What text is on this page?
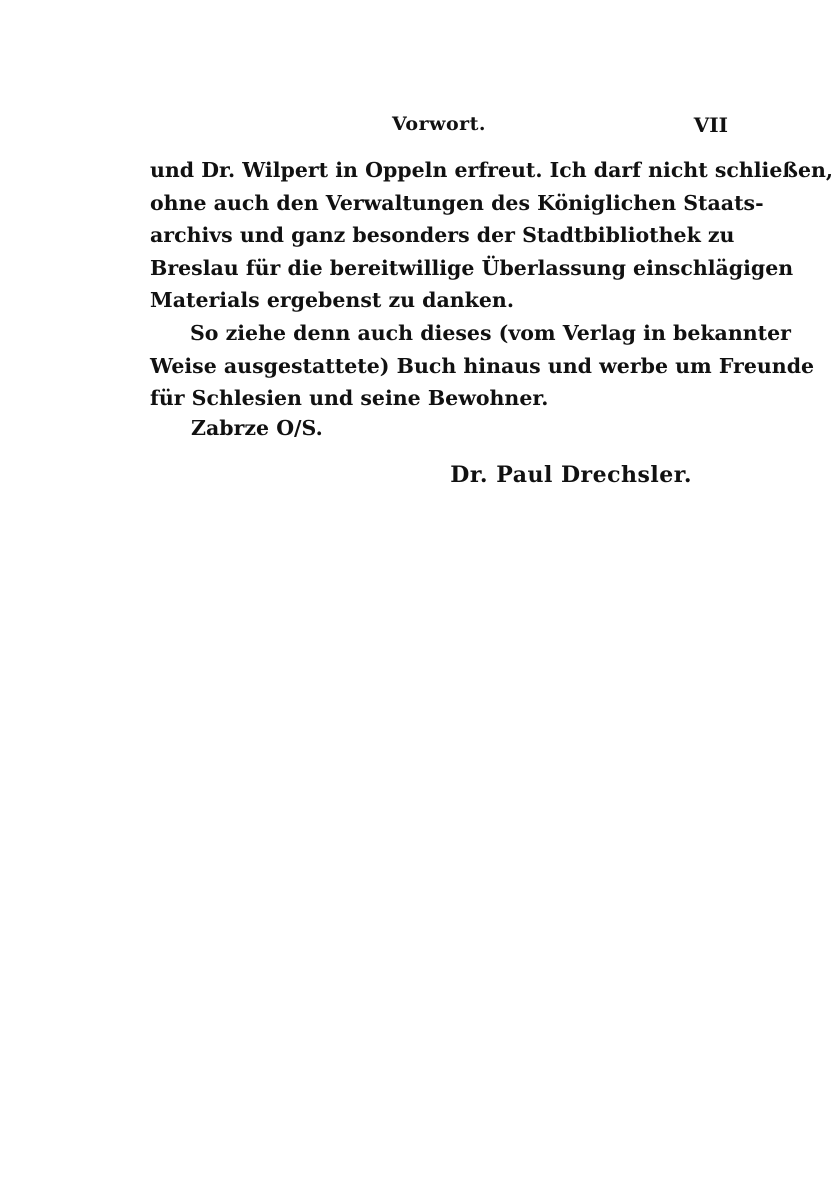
Vorwort.	VII

und Dr. Wilpert in Oppeln erfreut. Ich darf nicht schließen,
ohne auch den Verwaltungen des Königlichen Staats-
archivs und ganz besonders der Stadtbibliothek zu
Breslau für die bereitwillige Überlassung einschlägigen
Materials ergebenst zu danken.

So ziehe denn auch dieses (vom Verlag in bekannter
Weise ausgestattete) Buch hinaus und werbe um Freunde
für Schlesien und seine Bewohner.

Zabrze O/S.
Dr. Paul Drechsler.
